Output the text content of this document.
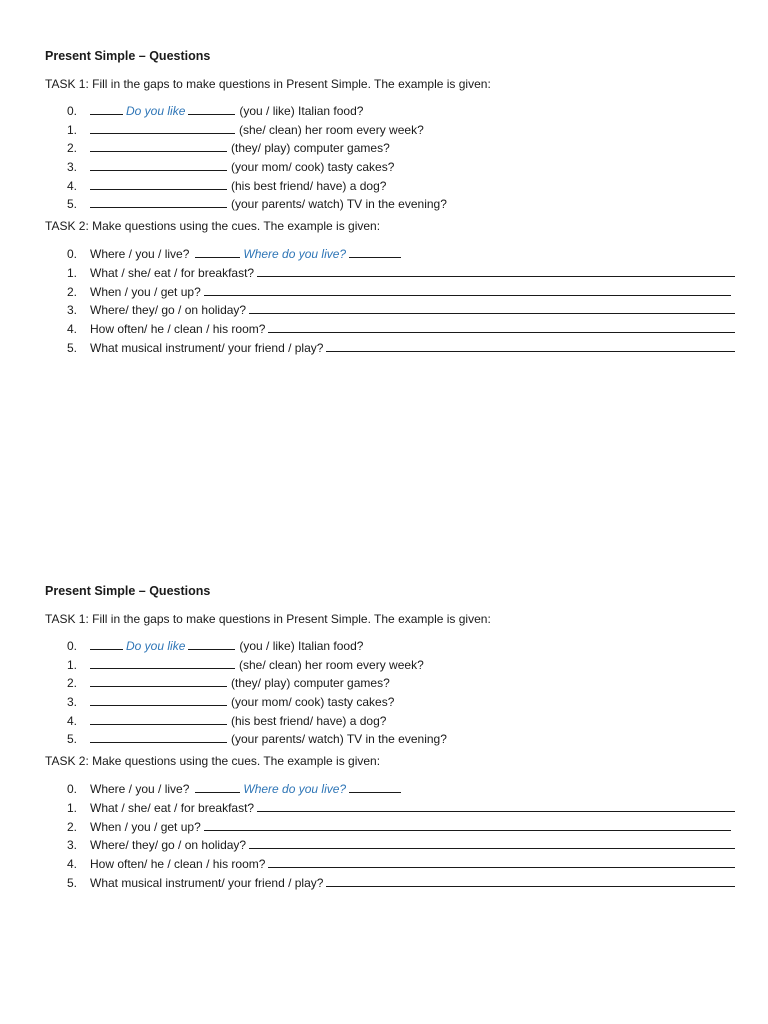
Present Simple – Questions
TASK 1: Fill in the gaps to make questions in Present Simple. The example is given:
0.	Do you like	(you / like) Italian food?
1.	(she/ clean) her room every week?
2.	(they/ play) computer games?
3.	(your mom/ cook) tasty cakes?
4.	(his best friend/ have) a dog?
5.	(your parents/ watch) TV in the evening?
TASK 2: Make questions using the cues. The example is given:
0.	Where / you / live?	Where do you live?
1.	What / she/ eat / for breakfast?
2.	When / you / get up?
3.	Where/ they/ go / on holiday?
4.	How often/ he / clean / his room?
5.	What musical instrument/ your friend / play?
Present Simple – Questions
TASK 1: Fill in the gaps to make questions in Present Simple. The example is given:
0.	Do you like	(you / like) Italian food?
1.	(she/ clean) her room every week?
2.	(they/ play) computer games?
3.	(your mom/ cook) tasty cakes?
4.	(his best friend/ have) a dog?
5.	(your parents/ watch) TV in the evening?
TASK 2: Make questions using the cues. The example is given:
0.	Where / you / live?	Where do you live?
1.	What / she/ eat / for breakfast?
2.	When / you / get up?
3.	Where/ they/ go / on holiday?
4.	How often/ he / clean / his room?
5.	What musical instrument/ your friend / play?
